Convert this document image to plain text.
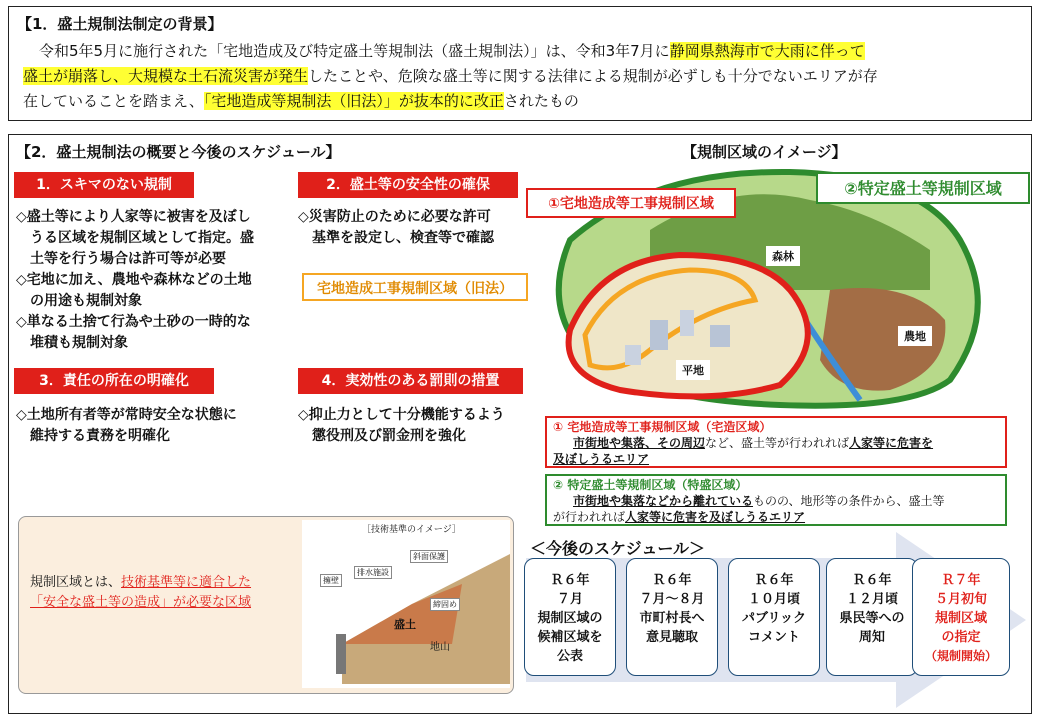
【1．盛土規制法制定の背景】
令和5年5月に施行された「宅地造成及び特定盛土等規制法（盛土規制法）」は、令和3年7月に静岡県熱海市で大雨に伴って
盛土が崩落し、大規模な土石流災害が発生したことや、危険な盛土等に関する法律による規制が必ずしも十分でないエリアが存
在していることを踏まえ、「宅地造成等規制法（旧法）」が抜本的に改正されたもの
【2．盛土規制法の概要と今後のスケジュール】
1．スキマのない規制	2．盛土等の安全性の確保
3．責任の所在の明確化	4．実効性のある罰則の措置
◇盛土等により人家等に被害を及ぼし
うる区域を規制区域として指定。盛
土等を行う場合は許可等が必要
◇宅地に加え、農地や森林などの土地
の用途も規制対象
◇単なる土捨て行為や土砂の一時的な
堆積も規制対象
◇災害防止のために必要な許可
基準を設定し、検査等で確認
◇土地所有者等が常時安全な状態に
維持する責務を明確化
◇抑止力として十分機能するよう
懲役刑及び罰金刑を強化
宅地造成工事規制区域（旧法）
【規制区域のイメージ】
森林
農地
平地
①宅地造成等工事規制区域
②特定盛土等規制区域
① 宅地造成等工事規制区域（宅造区域）
市街地や集落、その周辺など、盛土等が行われれば人家等に危害を
及ぼしうるエリア
② 特定盛土等規制区域（特盛区域）
市街地や集落などから離れているものの、地形等の条件から、盛土等
が行われれば人家等に危害を及ぼしうるエリア
規制区域とは、技術基準等に適合した
「安全な盛土等の造成」が必要な区域
［技術基準のイメージ］
擁壁
排水施設
斜面保護
締固め
盛土
地山
＜今後のスケジュール＞
Ｒ６年
７月
規制区域の
候補区域を
公表
Ｒ６年
７月～８月
市町村長へ
意見聴取
Ｒ６年
１０月頃
パブリック
コメント
Ｒ６年
１２月頃
県民等への
周知
Ｒ７年
５月初旬
規制区域
の指定
（規制開始）
